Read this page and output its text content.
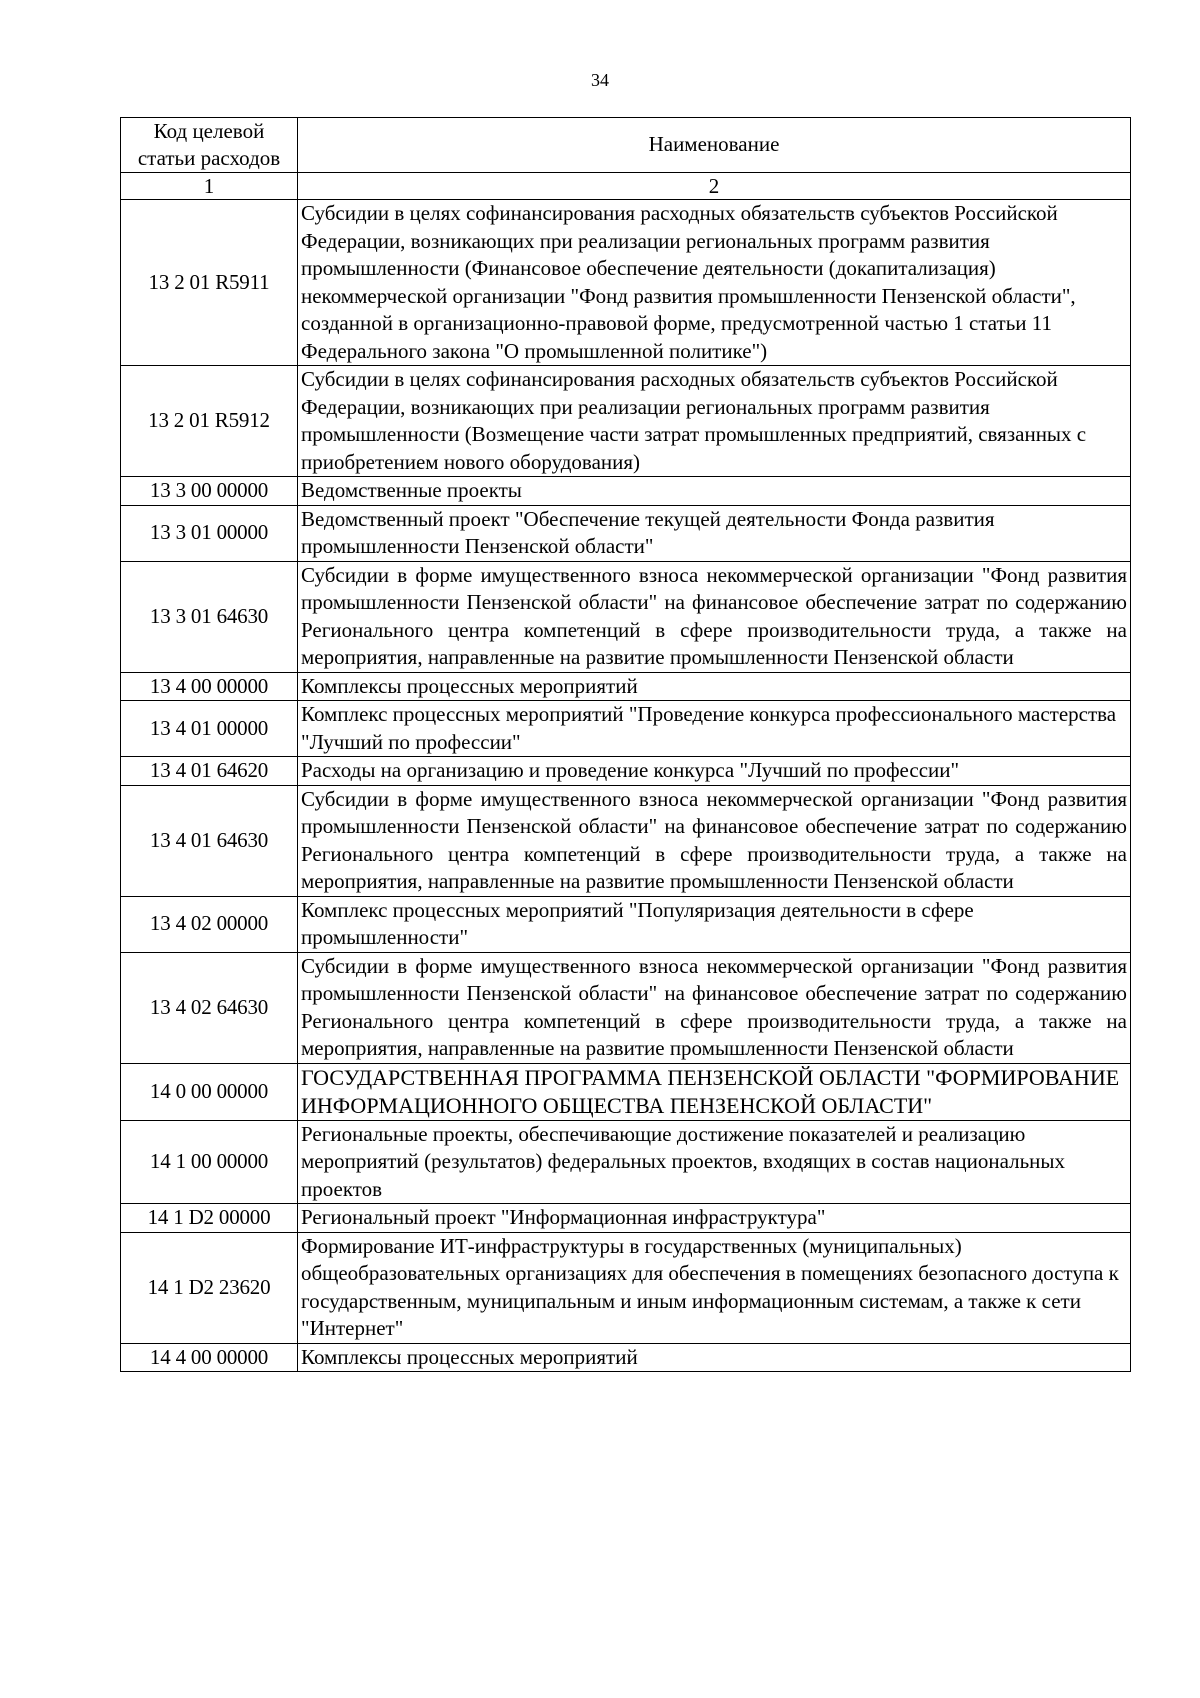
34
Код целевой статьи расходов	Наименование
1	2
13 2 01 R5911	Субсидии в целях софинансирования расходных обязательств субъектов Российской Федерации, возникающих при реализации региональных программ развития промышленности (Финансовое обеспечение деятельности (докапитализация) некоммерческой организации "Фонд развития промышленности Пензенской области", созданной в организационно-правовой форме, предусмотренной частью 1 статьи 11 Федерального закона "О промышленной политике")
13 2 01 R5912	Субсидии в целях софинансирования расходных обязательств субъектов Российской Федерации, возникающих при реализации региональных программ развития промышленности (Возмещение части затрат промышленных предприятий, связанных с приобретением нового оборудования)
13 3 00 00000	Ведомственные проекты
13 3 01 00000	Ведомственный проект "Обеспечение текущей деятельности Фонда развития промышленности Пензенской области"
13 3 01 64630	Субсидии в форме имущественного взноса некоммерческой организации "Фонд развития промышленности Пензенской области" на финансовое обеспечение затрат по содержанию Регионального центра компетенций в сфере производительности труда, а также на мероприятия, направленные на развитие промышленности Пензенской области
13 4 00 00000	Комплексы процессных мероприятий
13 4 01 00000	Комплекс процессных мероприятий "Проведение конкурса профессионального мастерства "Лучший по профессии"
13 4 01 64620	Расходы на организацию и проведение конкурса "Лучший по профессии"
13 4 01 64630	Субсидии в форме имущественного взноса некоммерческой организации "Фонд развития промышленности Пензенской области" на финансовое обеспечение затрат по содержанию Регионального центра компетенций в сфере производительности труда, а также на мероприятия, направленные на развитие промышленности Пензенской области
13 4 02 00000	Комплекс процессных мероприятий "Популяризация деятельности в сфере промышленности"
13 4 02 64630	Субсидии в форме имущественного взноса некоммерческой организации "Фонд развития промышленности Пензенской области" на финансовое обеспечение затрат по содержанию Регионального центра компетенций в сфере производительности труда, а также на мероприятия, направленные на развитие промышленности Пензенской области
14 0 00 00000	ГОСУДАРСТВЕННАЯ ПРОГРАММА ПЕНЗЕНСКОЙ ОБЛАСТИ "ФОРМИРОВАНИЕ ИНФОРМАЦИОННОГО ОБЩЕСТВА ПЕНЗЕНСКОЙ ОБЛАСТИ"
14 1 00 00000	Региональные проекты, обеспечивающие достижение показателей и реализацию мероприятий (результатов) федеральных проектов, входящих в состав национальных проектов
14 1 D2 00000	Региональный проект "Информационная инфраструктура"
14 1 D2 23620	Формирование ИТ-инфраструктуры в государственных (муниципальных) общеобразовательных организациях для обеспечения в помещениях безопасного доступа к государственным, муниципальным и иным информационным системам, а также к сети "Интернет"
14 4 00 00000	Комплексы процессных мероприятий
